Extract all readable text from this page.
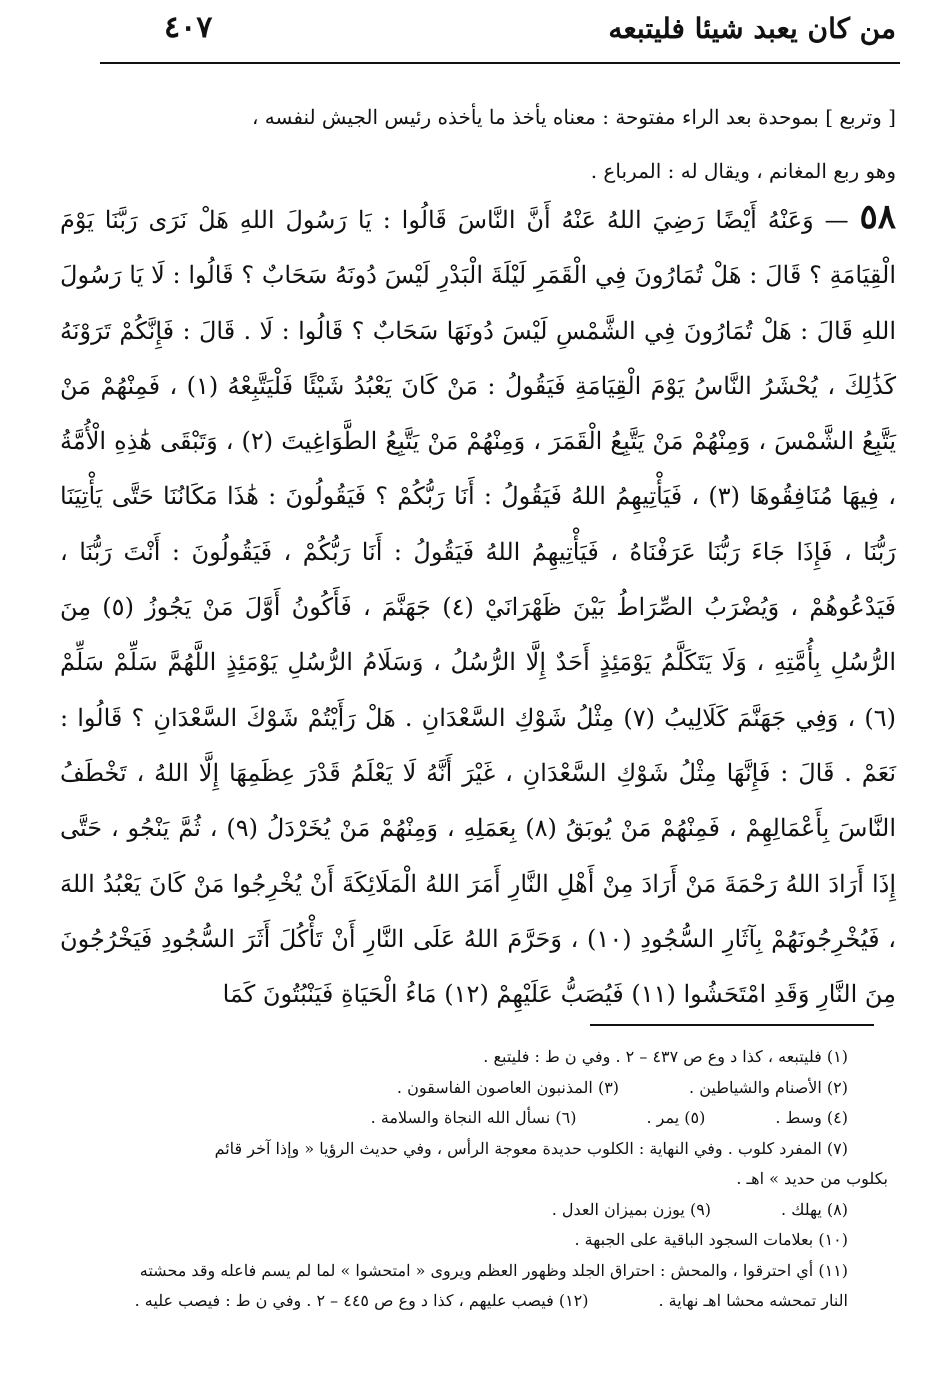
من كان يعبد شيئا فليتبعه
٤٠٧

[ وتربع ] بموحدة بعد الراء مفتوحة : معناه يأخذ ما يأخذه رئيس الجيش لنفسه ،

وهو ربع المغانم ، ويقال له : المرباع .

٥٨ — وَعَنْهُ أَيْضًا رَضِيَ اللهُ عَنْهُ أَنَّ النَّاسَ قَالُوا : يَا رَسُولَ اللهِ هَلْ نَرَى رَبَّنَا يَوْمَ الْقِيَامَةِ ؟ قَالَ : هَلْ تُمَارُونَ فِي الْقَمَرِ لَيْلَةَ الْبَدْرِ لَيْسَ دُونَهُ سَحَابٌ ؟ قَالُوا : لَا يَا رَسُولَ اللهِ قَالَ : هَلْ تُمَارُونَ فِي الشَّمْسِ لَيْسَ دُونَهَا سَحَابٌ ؟ قَالُوا : لَا . قَالَ : فَإِنَّكُمْ تَرَوْنَهُ كَذَٰلِكَ ، يُحْشَرُ النَّاسُ يَوْمَ الْقِيَامَةِ فَيَقُولُ : مَنْ كَانَ يَعْبُدُ شَيْئًا فَلْيَتَّبِعْهُ (١) ، فَمِنْهُمْ مَنْ يَتَّبِعُ الشَّمْسَ ، وَمِنْهُمْ مَنْ يَتَّبِعُ الْقَمَرَ ، وَمِنْهُمْ مَنْ يَتَّبِعُ الطَّوَاغِيتَ (٢) ، وَتَبْقَى هَٰذِهِ الْأُمَّةُ ، فِيهَا مُنَافِقُوهَا (٣) ، فَيَأْتِيهِمُ اللهُ فَيَقُولُ : أَنَا رَبُّكُمْ ؟ فَيَقُولُونَ : هَٰذَا مَكَانُنَا حَتَّى يَأْتِيَنَا رَبُّنَا ، فَإِذَا جَاءَ رَبُّنَا عَرَفْنَاهُ ، فَيَأْتِيهِمُ اللهُ فَيَقُولُ : أَنَا رَبُّكُمْ ، فَيَقُولُونَ : أَنْتَ رَبُّنَا ، فَيَدْعُوهُمْ ، وَيُضْرَبُ الصِّرَاطُ بَيْنَ ظَهْرَانَيْ (٤) جَهَنَّمَ ، فَأَكُونُ أَوَّلَ مَنْ يَجُوزُ (٥) مِنَ الرُّسُلِ بِأُمَّتِهِ ، وَلَا يَتَكَلَّمُ يَوْمَئِذٍ أَحَدٌ إِلَّا الرُّسُلُ ، وَسَلَامُ الرُّسُلِ يَوْمَئِذٍ اللَّهُمَّ سَلِّمْ سَلِّمْ (٦) ، وَفِي جَهَنَّمَ كَلَالِيبُ (٧) مِثْلُ شَوْكِ السَّعْدَانِ . هَلْ رَأَيْتُمْ شَوْكَ السَّعْدَانِ ؟ قَالُوا : نَعَمْ . قَالَ : فَإِنَّهَا مِثْلُ شَوْكِ السَّعْدَانِ ، غَيْرَ أَنَّهُ لَا يَعْلَمُ قَدْرَ عِظَمِهَا إِلَّا اللهُ ، تَخْطَفُ النَّاسَ بِأَعْمَالِهِمْ ، فَمِنْهُمْ مَنْ يُوبَقُ (٨) بِعَمَلِهِ ، وَمِنْهُمْ مَنْ يُخَرْدَلُ (٩) ، ثُمَّ يَنْجُو ، حَتَّى إِذَا أَرَادَ اللهُ رَحْمَةَ مَنْ أَرَادَ مِنْ أَهْلِ النَّارِ أَمَرَ اللهُ الْمَلَائِكَةَ أَنْ يُخْرِجُوا مَنْ كَانَ يَعْبُدُ اللهَ ، فَيُخْرِجُونَهُمْ بِآثَارِ السُّجُودِ (١٠) ، وَحَرَّمَ اللهُ عَلَى النَّارِ أَنْ تَأْكُلَ أَثَرَ السُّجُودِ فَيَخْرُجُونَ مِنَ النَّارِ وَقَدِ امْتَحَشُوا (١١) فَيُصَبُّ عَلَيْهِمْ (١٢) مَاءُ الْحَيَاةِ فَيَنْبُتُونَ كَمَا

(١) فليتبعه ، كذا د وع ص ٤٣٧ – ٢ . وفي ن ط : فليتبع .
(٢) الأصنام والشياطين .
(٣) المذنبون العاصون الفاسقون .
(٤) وسط .
(٥) يمر .
(٦) نسأل الله النجاة والسلامة .
(٧) المفرد كلوب . وفي النهاية : الكلوب حديدة معوجة الرأس ، وفي حديث الرؤيا « وإذا آخر قائم
بكلوب من حديد » اهـ .
(٨) يهلك .
(٩) يوزن بميزان العدل .
(١٠) بعلامات السجود الباقية على الجبهة .
(١١) أي احترقوا ، والمحش : احتراق الجلد وظهور العظم ويروى « امتحشوا » لما لم يسم فاعله وقد محشته
النار تمحشه محشا اهـ نهاية .
(١٢) فيصب عليهم ، كذا د وع ص ٤٤٥ – ٢ . وفي ن ط : فيصب عليه .
